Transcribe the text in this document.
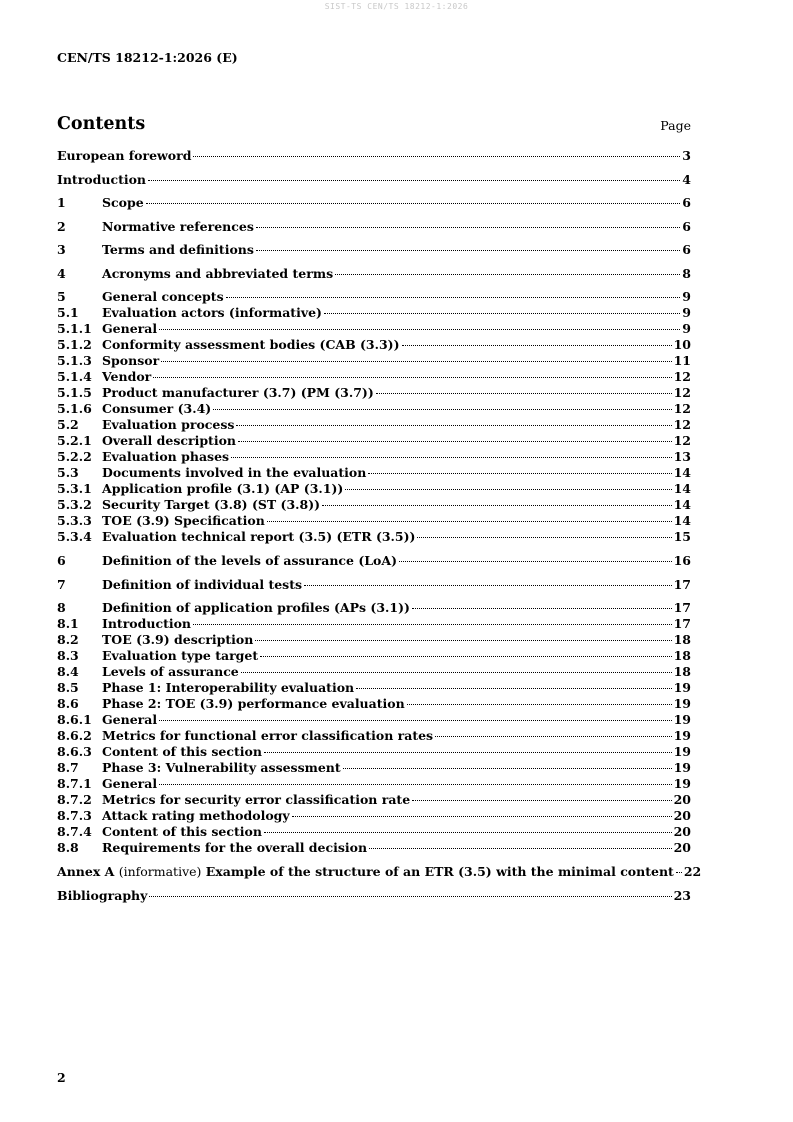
SIST-TS CEN/TS 18212-1:2026
CEN/TS 18212-1:2026 (E)
Contents	Page
European foreword	3
Introduction	4
1	Scope	6
2	Normative references	6
3	Terms and definitions	6
4	Acronyms and abbreviated terms	8
5	General concepts	9
5.1	Evaluation actors (informative)	9
5.1.1 General	9
5.1.2 Conformity assessment bodies (CAB (3.3))	10
5.1.3 Sponsor	11
5.1.4 Vendor	12
5.1.5 Product manufacturer (3.7) (PM (3.7))	12
5.1.6 Consumer (3.4)	12
5.2	Evaluation process	12
5.2.1 Overall description	12
5.2.2 Evaluation phases	13
5.3	Documents involved in the evaluation	14
5.3.1 Application profile (3.1) (AP (3.1))	14
5.3.2 Security Target (3.8) (ST (3.8))	14
5.3.3 TOE (3.9) Specification	14
5.3.4 Evaluation technical report (3.5) (ETR (3.5))	15
6	Definition of the levels of assurance (LoA)	16
7	Definition of individual tests	17
8	Definition of application profiles (APs (3.1))	17
8.1	Introduction	17
8.2	TOE (3.9) description	18
8.3	Evaluation type target	18
8.4	Levels of assurance	18
8.5	Phase 1: Interoperability evaluation	19
8.6	Phase 2: TOE (3.9) performance evaluation	19
8.6.1 General	19
8.6.2 Metrics for functional error classification rates	19
8.6.3 Content of this section	19
8.7	Phase 3: Vulnerability assessment	19
8.7.1 General	19
8.7.2 Metrics for security error classification rate	20
8.7.3 Attack rating methodology	20
8.7.4 Content of this section	20
8.8	Requirements for the overall decision	20
Annex A (informative) Example of the structure of an ETR (3.5) with the minimal content 22
Bibliography	23
2
